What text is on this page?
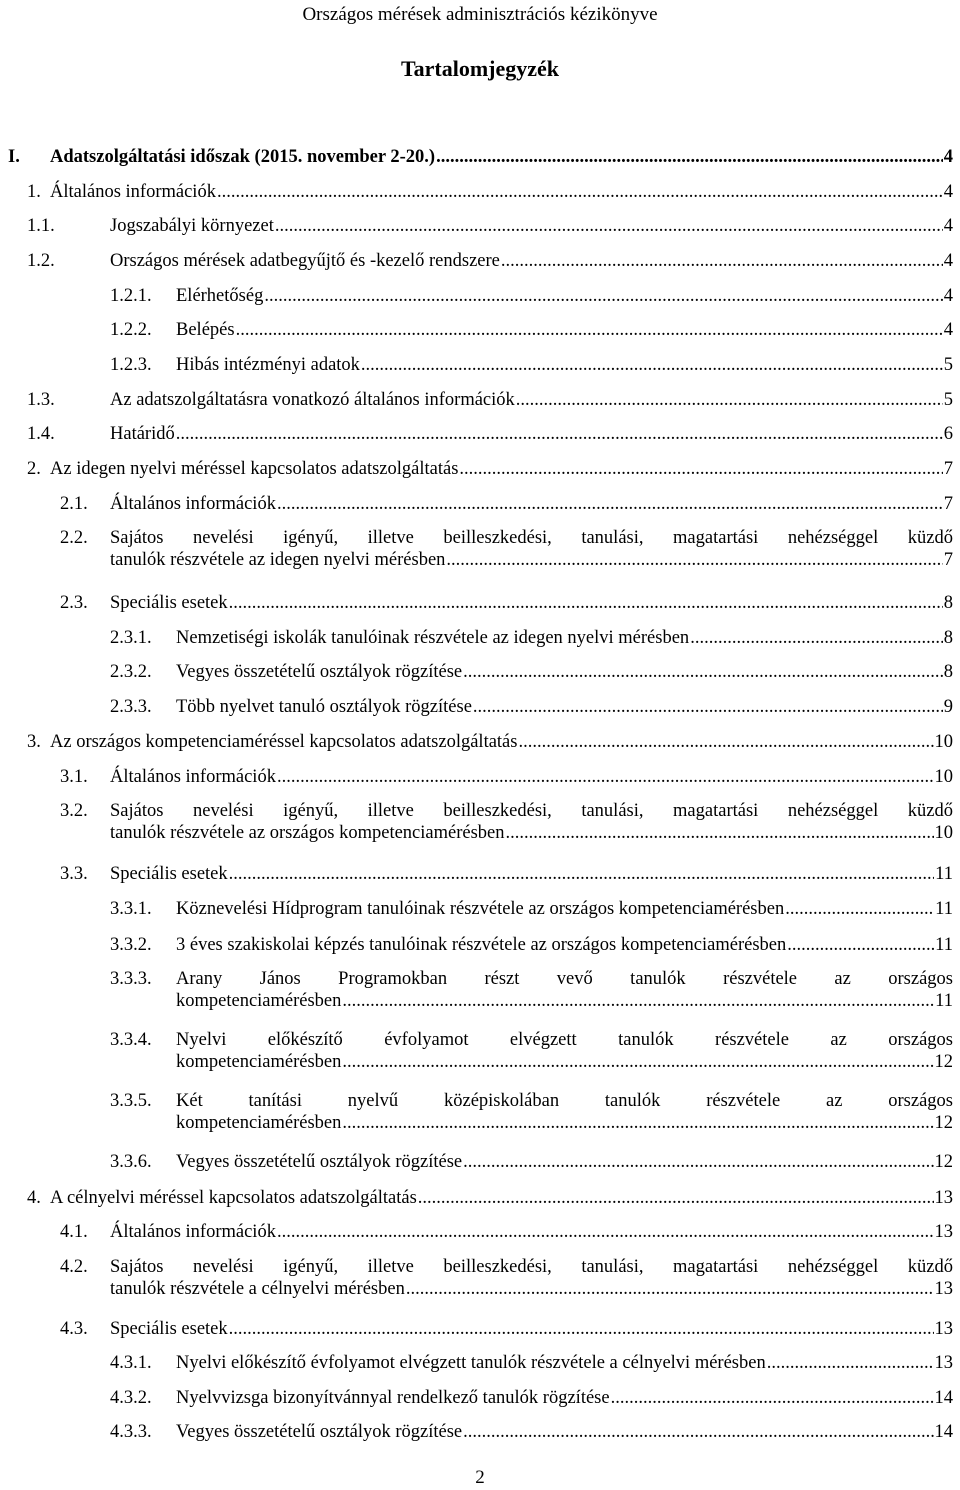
Országos mérések adminisztrációs kézikönyve
Tartalomjegyzék
I. Adatszolgáltatási időszak (2015. november 2-20.) .....	4
1. Általános információk .....	4
1.1.	Jogszabályi környezet .....	4
1.2.	Országos mérések adatbegyűjtő és -kezelő rendszere .....	4
1.2.1. Elérhetőség .....	4
1.2.2. Belépés .....	4
1.2.3. Hibás intézményi adatok .....	5
1.3.	Az adatszolgáltatásra vonatkozó általános információk .....	5
1.4.	Határidő .....	6
2. Az idegen nyelvi méréssel kapcsolatos adatszolgáltatás .....	7
2.1. Általános információk .....	7
2.2. Sajátos nevelési igényű, illetve beilleszkedési, tanulási, magatartási nehézséggel küzdő
tanulók részvétele az idegen nyelvi mérésben .....	7
2.3. Speciális esetek .....	8
2.3.1. Nemzetiségi iskolák tanulóinak részvétele az idegen nyelvi mérésben .....	8
2.3.2. Vegyes összetételű osztályok rögzítése .....	8
2.3.3. Több nyelvet tanuló osztályok rögzítése .....	9
3. Az országos kompetenciaméréssel kapcsolatos adatszolgáltatás .....	10
3.1. Általános információk .....	10
3.2. Sajátos nevelési igényű, illetve beilleszkedési, tanulási, magatartási nehézséggel küzdő
tanulók részvétele az országos kompetenciamérésben .....	10
3.3. Speciális esetek .....	11
3.3.1. Köznevelési Hídprogram tanulóinak részvétele az országos kompetenciamérésben .....	11
3.3.2. 3 éves szakiskolai képzés tanulóinak részvétele az országos kompetenciamérésben .....	11
3.3.3. Arany János Programokban részt vevő tanulók részvétele az országos
kompetenciamérésben .....	11
3.3.4. Nyelvi előkészítő évfolyamot elvégzett tanulók részvétele az országos
kompetenciamérésben .....	12
3.3.5. Két tanítási nyelvű középiskolában tanulók részvétele az országos
kompetenciamérésben .....	12
3.3.6. Vegyes összetételű osztályok rögzítése .....	12
4. A célnyelvi méréssel kapcsolatos adatszolgáltatás .....	13
4.1. Általános információk .....	13
4.2. Sajátos nevelési igényű, illetve beilleszkedési, tanulási, magatartási nehézséggel küzdő
tanulók részvétele a célnyelvi mérésben .....	13
4.3. Speciális esetek .....	13
4.3.1. Nyelvi előkészítő évfolyamot elvégzett tanulók részvétele a célnyelvi mérésben .....	13
4.3.2. Nyelvvizsga bizonyítvánnyal rendelkező tanulók rögzítése .....	14
4.3.3. Vegyes összetételű osztályok rögzítése .....	14
2
